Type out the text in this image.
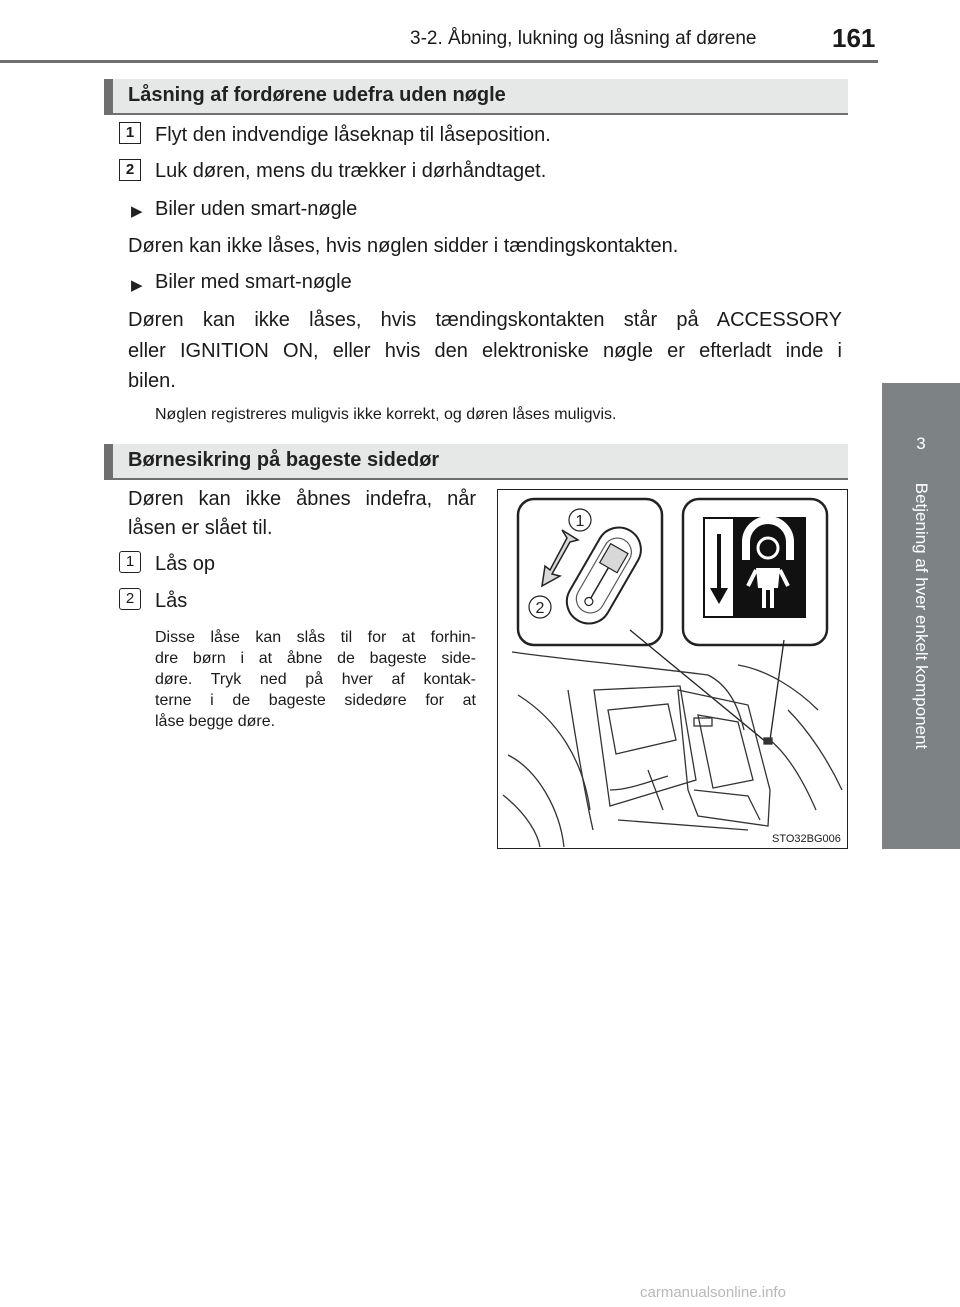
3-2. Åbning, lukning og låsning af dørene	161
3
Betjening af hver enkelt komponent
Låsning af fordørene udefra uden nøgle
1	Flyt den indvendige låseknap til låseposition.
2	Luk døren, mens du trækker i dørhåndtaget.
▶ Biler uden smart-nøgle
Døren kan ikke låses, hvis nøglen sidder i tændingskontakten.
▶ Biler med smart-nøgle
Døren kan ikke låses, hvis tændingskontakten står på ACCESSORY
eller IGNITION ON, eller hvis den elektroniske nøgle er efterladt inde i
bilen.
Nøglen registreres muligvis ikke korrekt, og døren låses muligvis.
Børnesikring på bageste sidedør
Døren kan ikke åbnes indefra, når
låsen er slået til.
1	Lås op
2	Lås
Disse låse kan slås til for at forhin-
dre børn i at åbne de bageste side-
døre. Tryk ned på hver af kontak-
terne i de bageste sidedøre for at
låse begge døre.
1
2
STO32BG006
carmanualsonline.info
